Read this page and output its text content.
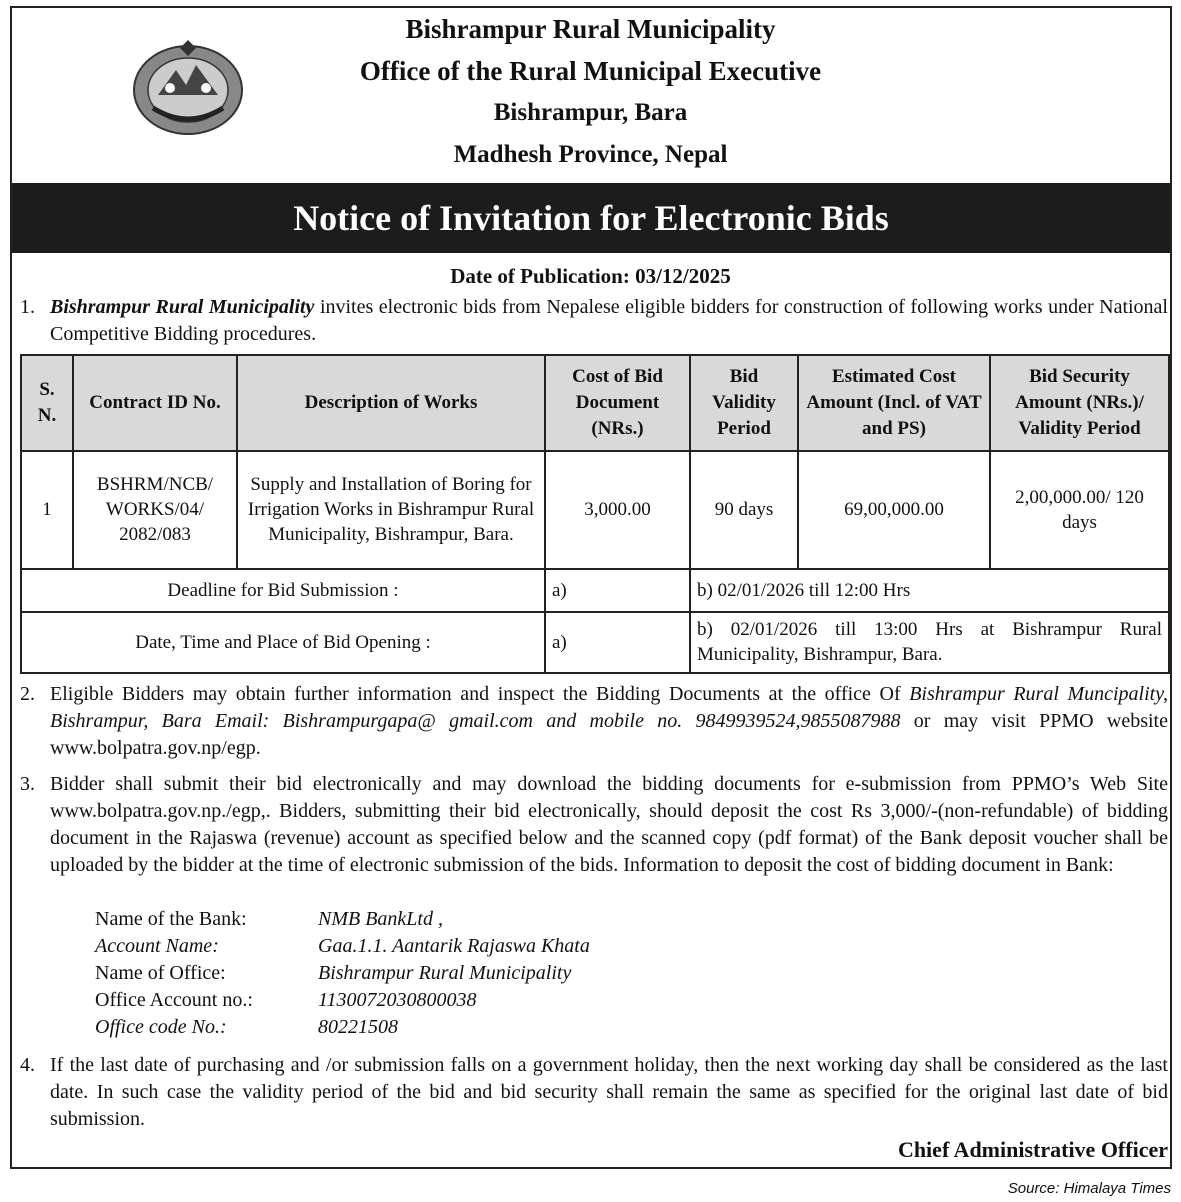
Bishrampur Rural Municipality
Office of the Rural Municipal Executive
Bishrampur, Bara
Madhesh Province, Nepal
Notice of Invitation for Electronic Bids
Date of Publication: 03/12/2025
1. Bishrampur Rural Municipality invites electronic bids from Nepalese eligible bidders for construction of following works under National Competitive Bidding procedures.
S. N.	Contract ID No.	Description of Works	Cost of Bid Document (NRs.)	Bid Validity Period	Estimated Cost Amount (Incl. of VAT and PS)	Bid Security Amount (NRs.)/ Validity Period
1	BSHRM/NCB/ WORKS/04/ 2082/083	Supply and Installation of Boring for Irrigation Works in Bishrampur Rural Municipality, Bishrampur, Bara.	3,000.00	90 days	69,00,000.00	2,00,000.00/ 120 days
Deadline for Bid Submission :			a)	b) 02/01/2026 till 12:00 Hrs		
Date, Time and Place of Bid Opening :			a)	b) 02/01/2026 till 13:00 Hrs at Bishrampur Rural Municipality, Bishrampur, Bara.		
2. Eligible Bidders may obtain further information and inspect the Bidding Documents at the office Of Bishrampur Rural Muncipality, Bishrampur, Bara Email: Bishrampurgapa@ gmail.com and mobile no. 9849939524,9855087988 or may visit PPMO website www.bolpatra.gov.np/egp.
3. Bidder shall submit their bid electronically and may download the bidding documents for e-submission from PPMO’s Web Site www.bolpatra.gov.np./egp,. Bidders, submitting their bid electronically, should deposit the cost Rs 3,000/-(non-refundable) of bidding document in the Rajaswa (revenue) account as specified below and the scanned copy (pdf format) of the Bank deposit voucher shall be uploaded by the bidder at the time of electronic submission of the bids. Information to deposit the cost of bidding document in Bank:
Name of the Bank:	NMB BankLtd ,
Account Name:	Gaa.1.1. Aantarik Rajaswa Khata
Name of Office:	Bishrampur Rural Municipality
Office Account no.:	1130072030800038
Office code No.:	80221508
4. If the last date of purchasing and /or submission falls on a government holiday, then the next working day shall be considered as the last date. In such case the validity period of the bid and bid security shall remain the same as specified for the original last date of bid submission.
Chief Administrative Officer
Source: Himalaya Times
